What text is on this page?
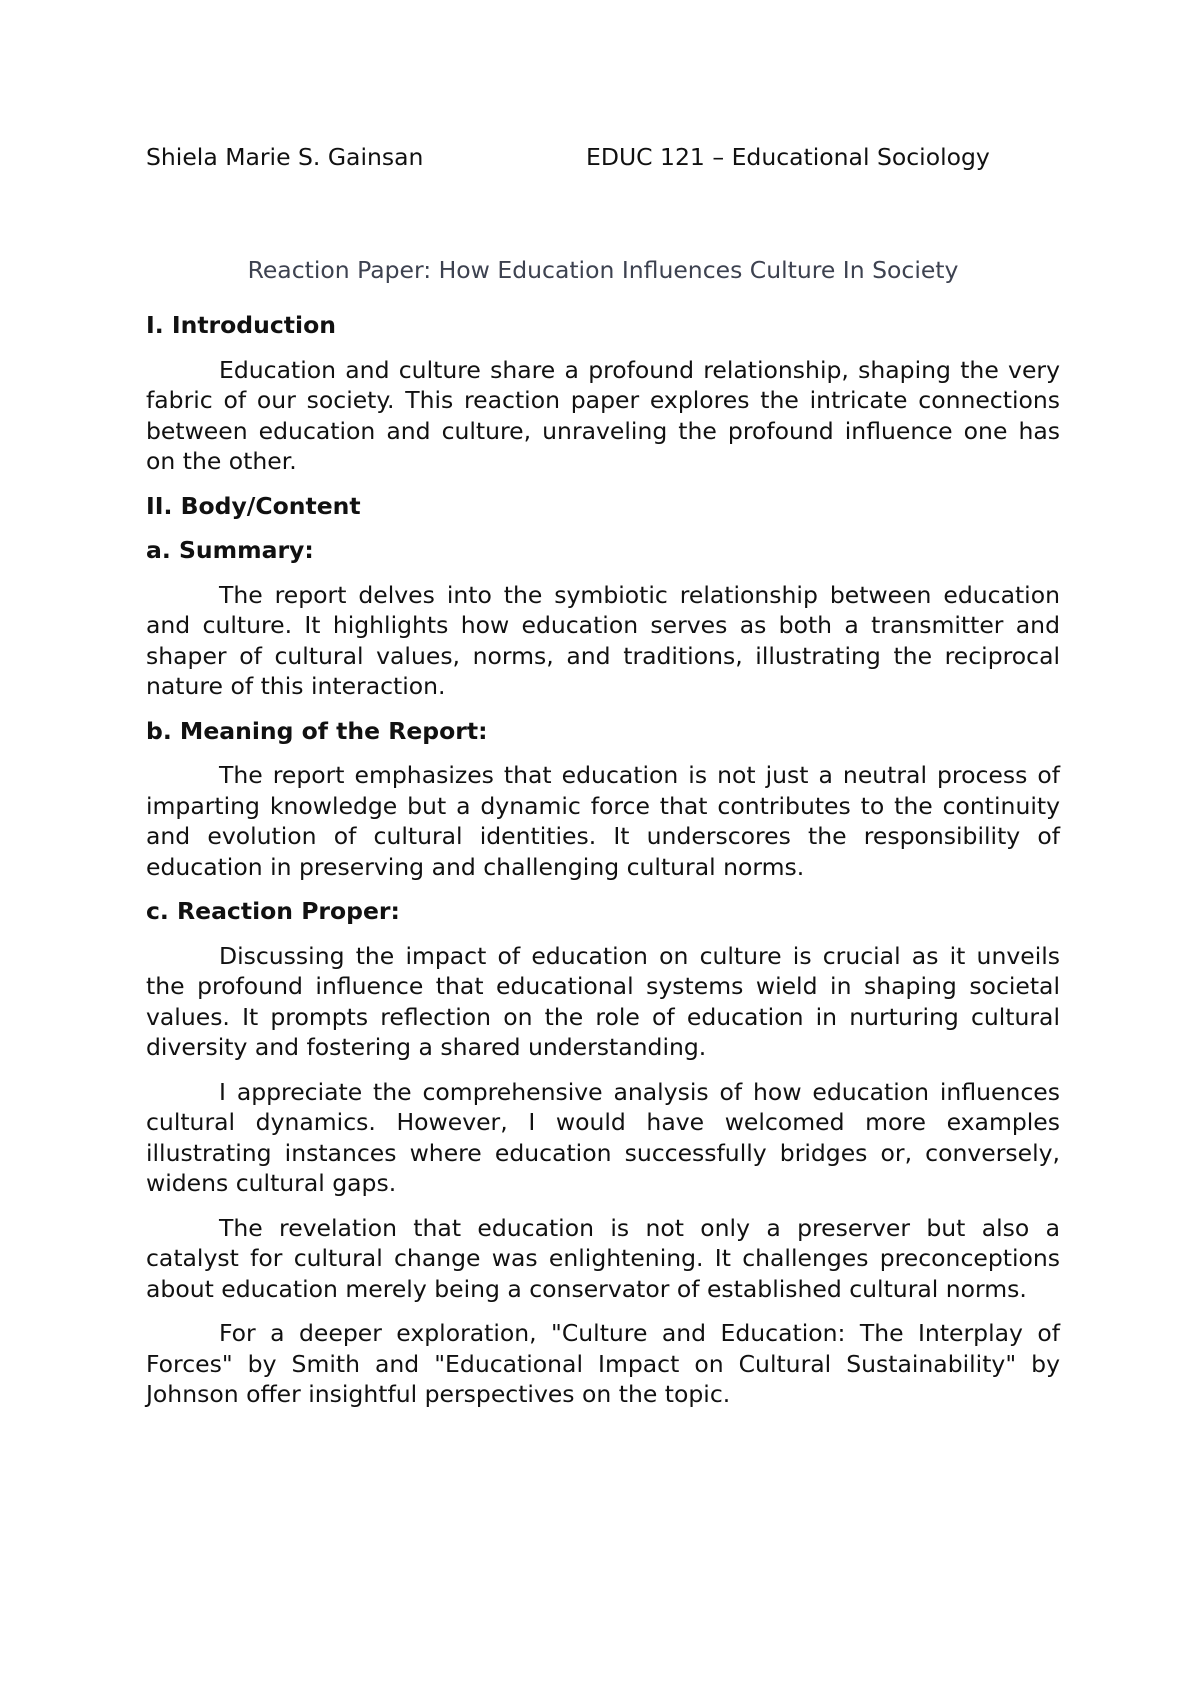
Shiela Marie S. Gainsan	EDUC 121 – Educational Sociology
Reaction Paper: How Education Influences Culture In Society
I. Introduction

Education and culture share a profound relationship, shaping the very fabric of our society. This reaction paper explores the intricate connections between education and culture, unraveling the profound influence one has on the other.

II. Body/Content
a. Summary:

The report delves into the symbiotic relationship between education and culture. It highlights how education serves as both a transmitter and shaper of cultural values, norms, and traditions, illustrating the reciprocal nature of this interaction.

b. Meaning of the Report:

The report emphasizes that education is not just a neutral process of imparting knowledge but a dynamic force that contributes to the continuity and evolution of cultural identities. It underscores the responsibility of education in preserving and challenging cultural norms.

c. Reaction Proper:

Discussing the impact of education on culture is crucial as it unveils the profound influence that educational systems wield in shaping societal values. It prompts reflection on the role of education in nurturing cultural diversity and fostering a shared understanding.

I appreciate the comprehensive analysis of how education influences cultural dynamics. However, I would have welcomed more examples illustrating instances where education successfully bridges or, conversely, widens cultural gaps.

The revelation that education is not only a preserver but also a catalyst for cultural change was enlightening. It challenges preconceptions about education merely being a conservator of established cultural norms.

For a deeper exploration, "Culture and Education: The Interplay of Forces" by Smith and "Educational Impact on Cultural Sustainability" by Johnson offer insightful perspectives on the topic.
